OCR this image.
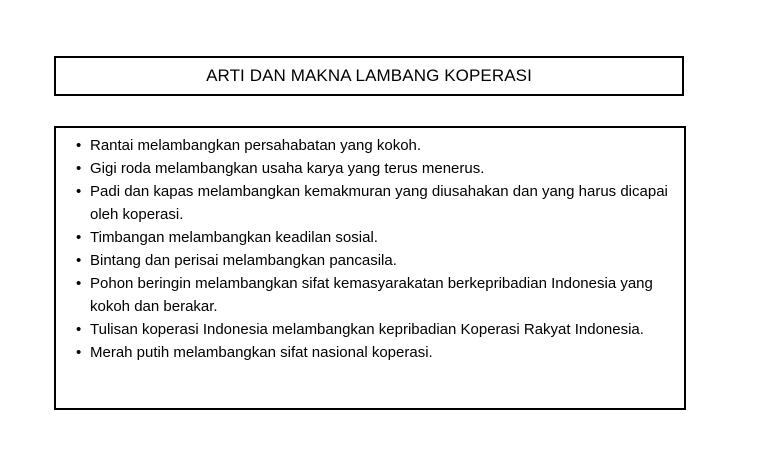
ARTI DAN MAKNA LAMBANG KOPERASI
• Rantai melambangkan persahabatan yang kokoh.
• Gigi roda melambangkan usaha karya yang terus menerus.
• Padi dan kapas melambangkan kemakmuran yang diusahakan dan yang harus dicapai oleh koperasi.
• Timbangan melambangkan keadilan sosial.
• Bintang dan perisai melambangkan pancasila.
• Pohon beringin melambangkan sifat kemasyarakatan berkepribadian Indonesia yang kokoh dan berakar.
• Tulisan koperasi Indonesia melambangkan kepribadian Koperasi Rakyat Indonesia.
• Merah putih melambangkan sifat nasional koperasi.
